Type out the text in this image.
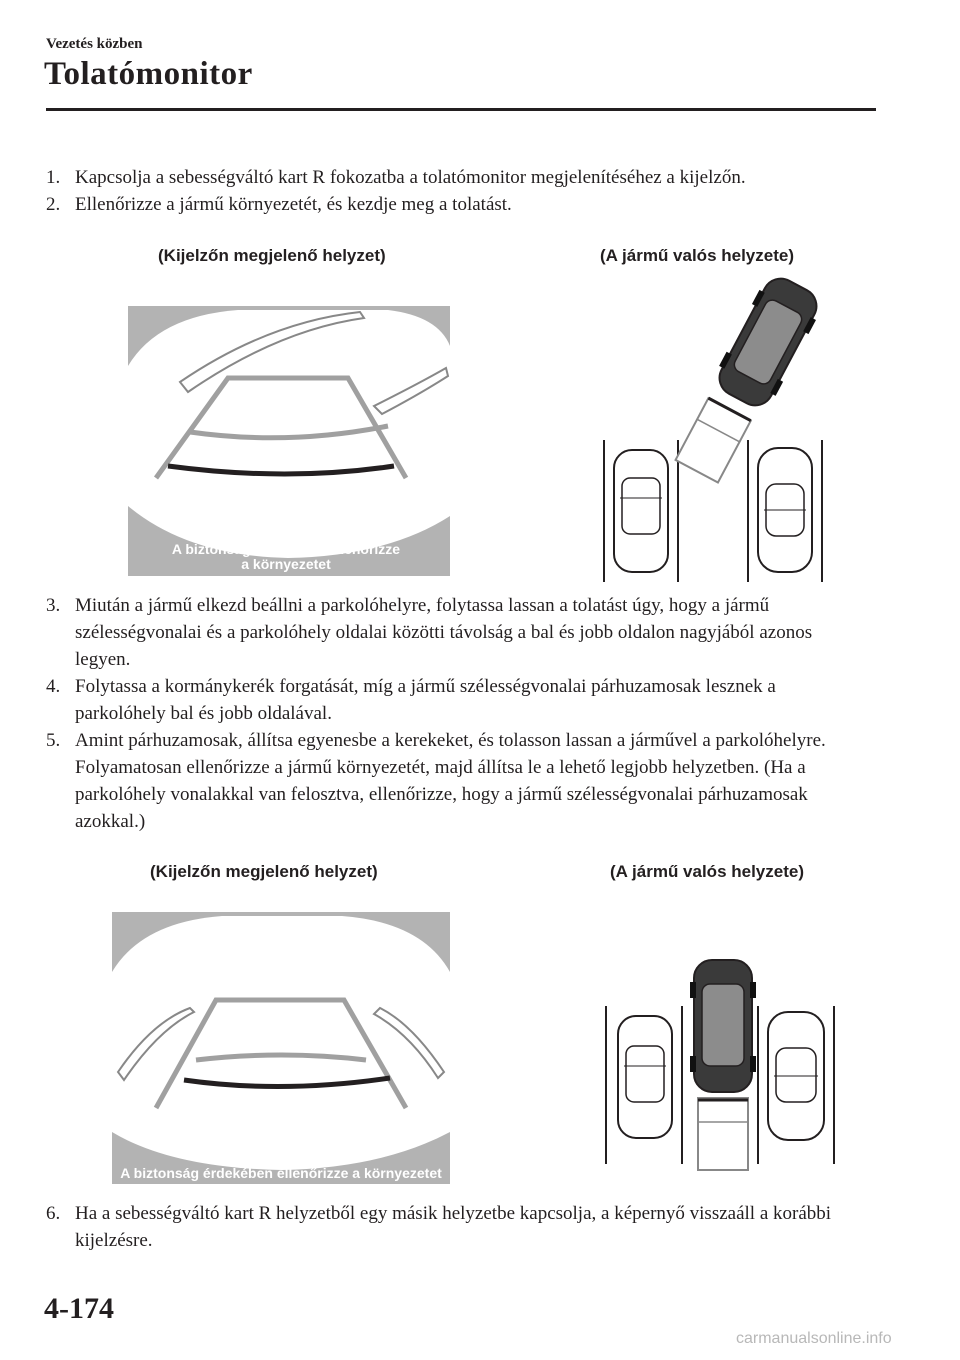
Vezetés közben
Tolatómonitor
1. Kapcsolja a sebességváltó kart R fokozatba a tolatómonitor megjelenítéséhez a kijelzőn.
2. Ellenőrizze a jármű környezetét, és kezdje meg a tolatást.
(Kijelzőn megjelenő helyzet)	(A jármű valós helyzete)
A biztonság érdekében ellenőrizze
a környezetet
3. Miután a jármű elkezd beállni a parkolóhelyre, folytassa lassan a tolatást úgy, hogy a jármű szélességvonalai és a parkolóhely oldalai közötti távolság a bal és jobb oldalon nagyjából azonos legyen.
4. Folytassa a kormánykerék forgatását, míg a jármű szélességvonalai párhuzamosak lesznek a parkolóhely bal és jobb oldalával.
5. Amint párhuzamosak, állítsa egyenesbe a kerekeket, és tolasson lassan a járművel a parkolóhelyre. Folyamatosan ellenőrizze a jármű környezetét, majd állítsa le a lehető legjobb helyzetben. (Ha a parkolóhely vonalakkal van felosztva, ellenőrizze, hogy a jármű szélességvonalai párhuzamosak azokkal.)
(Kijelzőn megjelenő helyzet)	(A jármű valós helyzete)
A biztonság érdekében ellenőrizze a környezetet
6. Ha a sebességváltó kart R helyzetből egy másik helyzetbe kapcsolja, a képernyő visszaáll a korábbi kijelzésre.
4-174
carmanualsonline.info
